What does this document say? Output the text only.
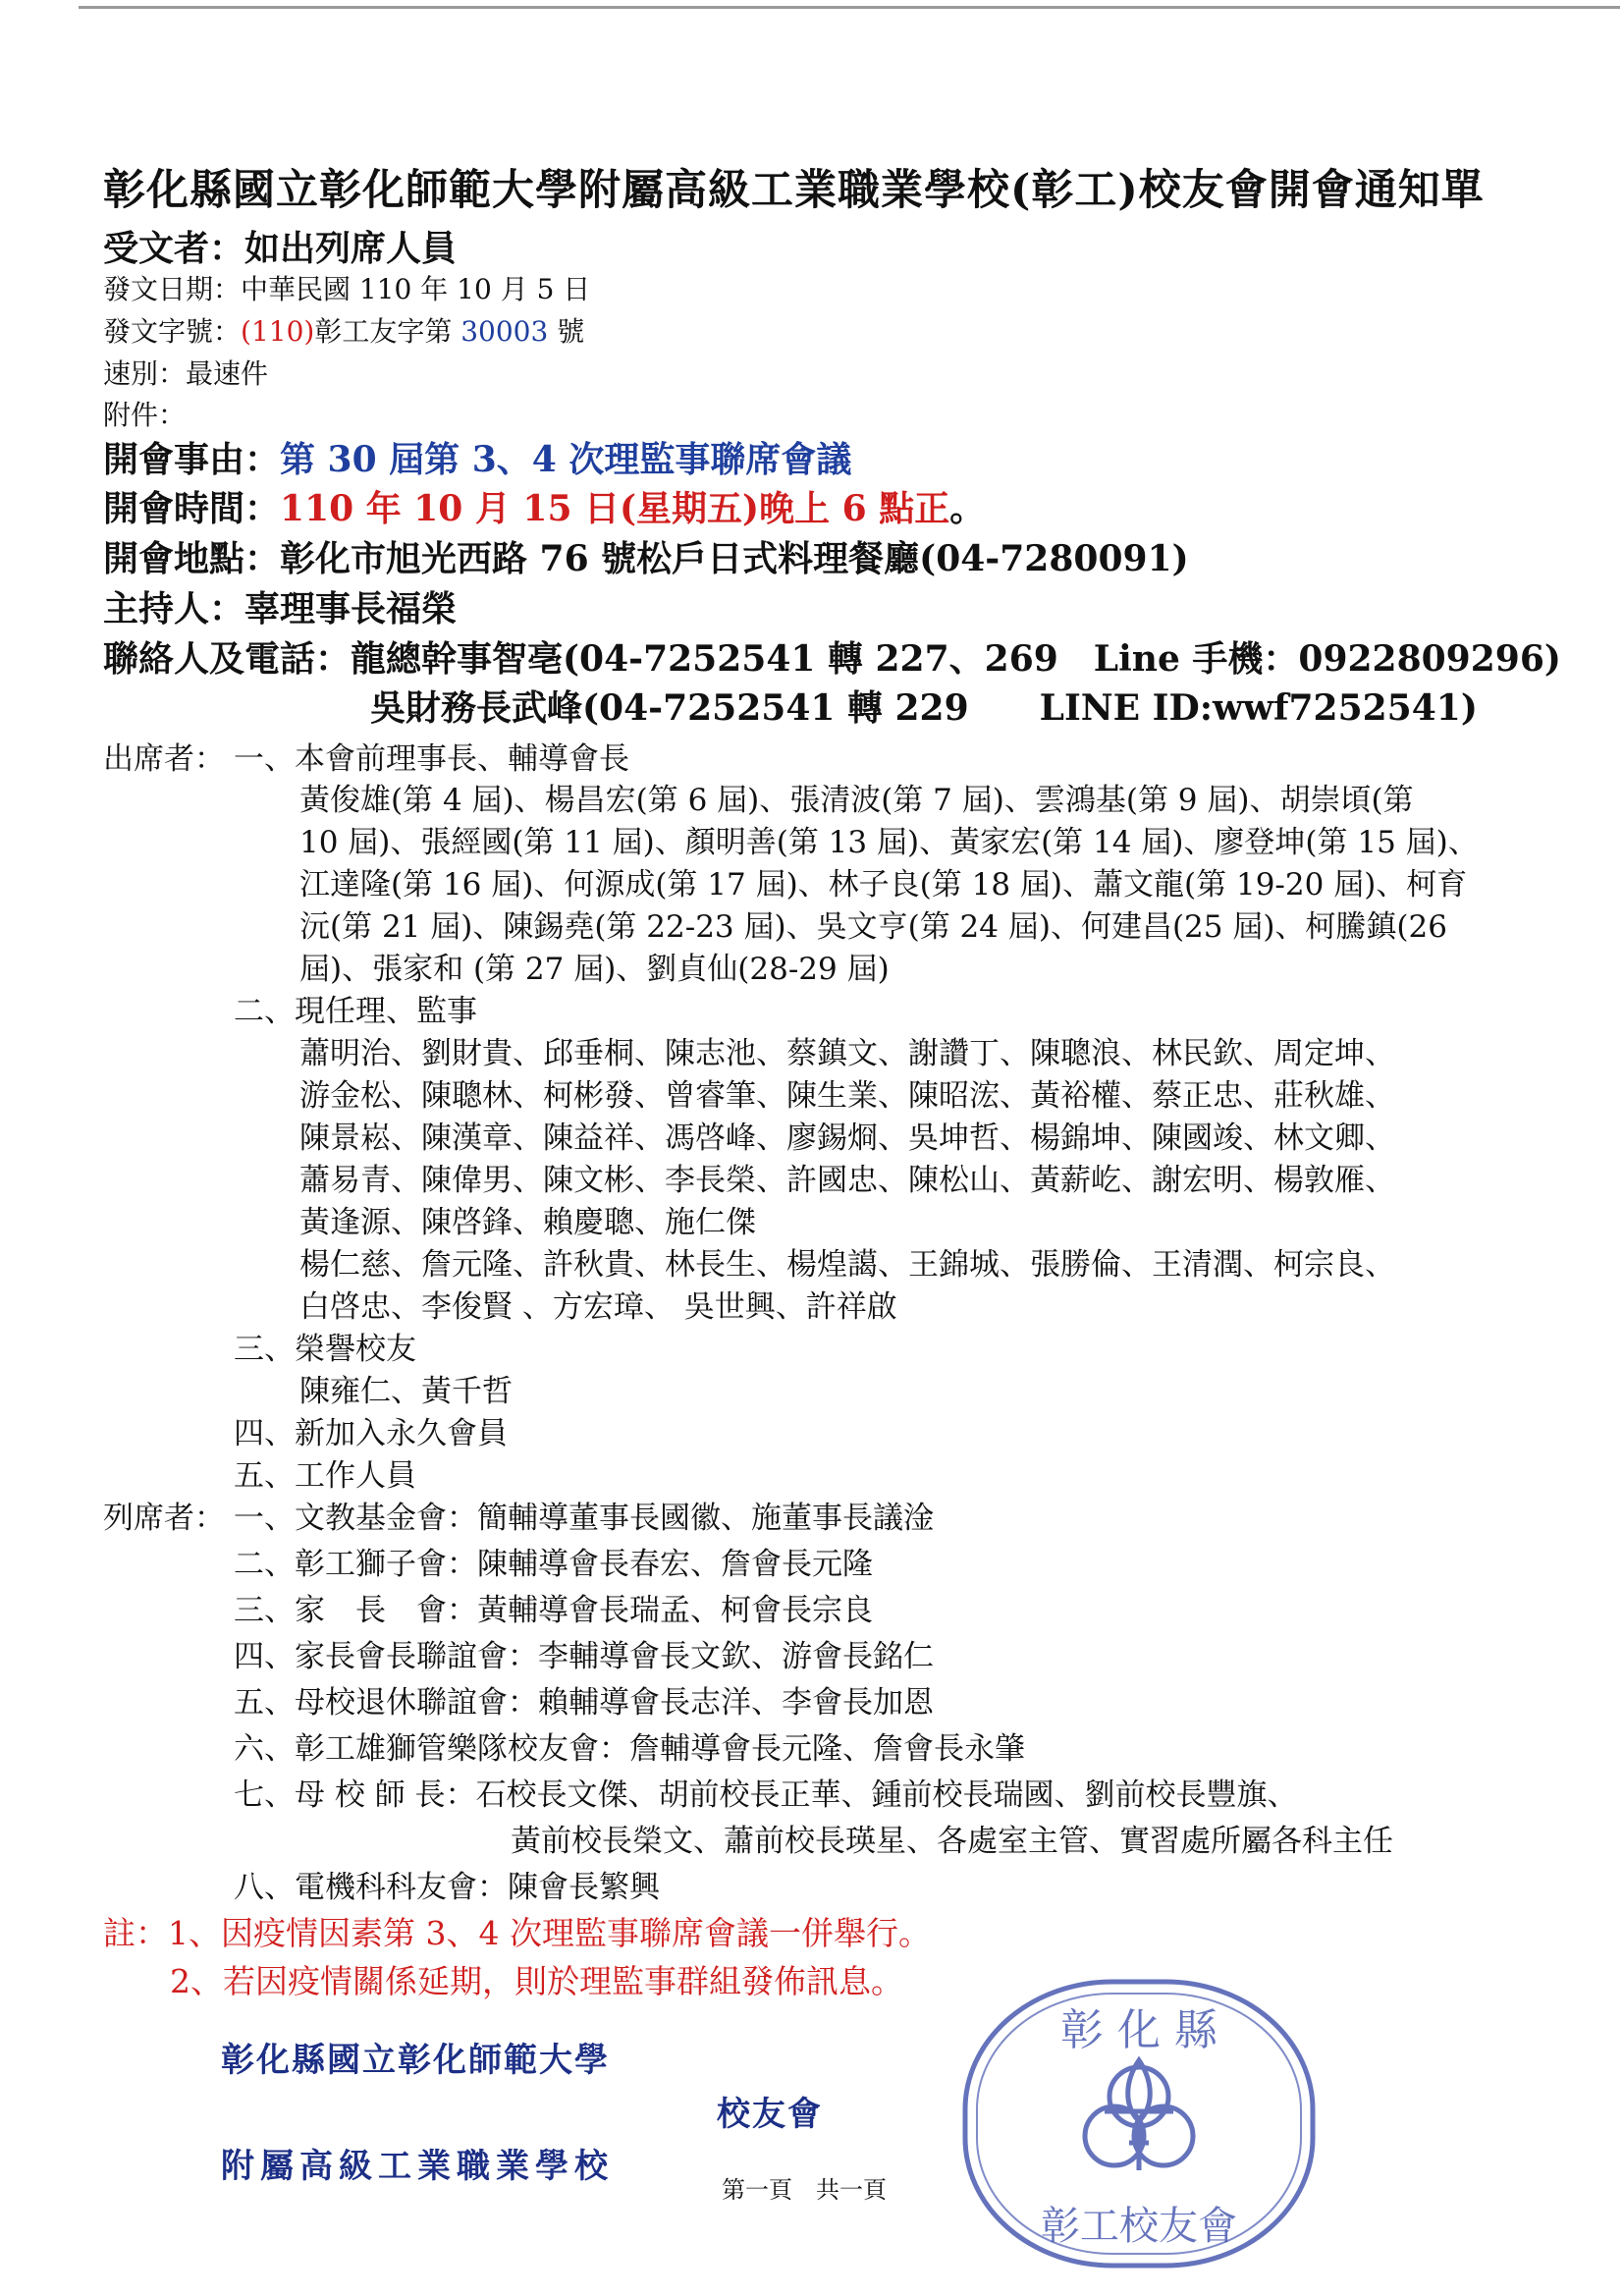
彰化縣國立彰化師範大學附屬高級工業職業學校(彰工)校友會開會通知單
受文者：如出列席人員
發文日期：中華民國 110 年 10 月 5 日
發文字號：(110)彰工友字第 30003 號
速別：最速件
附件：
開會事由：第 30 屆第 3、4 次理監事聯席會議
開會時間：110 年 10 月 15 日(星期五)晚上 6 點正。
開會地點：彰化市旭光西路 76 號松戶日式料理餐廳(04-7280091)
主持人：辜理事長福榮
聯絡人及電話：龍總幹事智亳(04-7252541 轉 227、269　Line 手機：0922809296)
吳財務長武峰(04-7252541 轉 229　　LINE ID:wwf7252541)
出席者： 一、本會前理事長、輔導會長
黃俊雄(第 4 屆)、楊昌宏(第 6 屆)、張清波(第 7 屆)、雲鴻基(第 9 屆)、胡崇頃(第
10 屆)、張經國(第 11 屆)、顏明善(第 13 屆)、黃家宏(第 14 屆)、廖登坤(第 15 屆)、
江達隆(第 16 屆)、何源成(第 17 屆)、林子良(第 18 屆)、蕭文龍(第 19-20 屆)、柯育
沅(第 21 屆)、陳錫堯(第 22-23 屆)、吳文亨(第 24 屆)、何建昌(25 屆)、柯騰鎮(26
屆)、張家和 (第 27 屆)、劉貞仙(28-29 屆)
二、現任理、監事
蕭明治、劉財貴、邱垂桐、陳志池、蔡鎮文、謝讚丁、陳聰浪、林民欽、周定坤、
游金松、陳聰林、柯彬發、曾睿筆、陳生業、陳昭浤、黃裕權、蔡正忠、莊秋雄、
陳景崧、陳漢章、陳益祥、馮啓峰、廖錫烱、吳坤哲、楊錦坤、陳國竣、林文卿、
蕭易青、陳偉男、陳文彬、李長榮、許國忠、陳松山、黃薪屹、謝宏明、楊敦雁、
黃逢源、陳啓鋒、賴慶聰、施仁傑
楊仁慈、詹元隆、許秋貴、林長生、楊煌譪、王錦城、張勝倫、王清潤、柯宗良、
白啓忠、李俊賢 、方宏璋、 吳世興、許祥啟
三、榮譽校友
陳雍仁、黃千哲
四、新加入永久會員
五、工作人員
列席者： 一、文教基金會：簡輔導董事長國徽、施董事長議淦
二、彰工獅子會：陳輔導會長春宏、詹會長元隆
三、家　長　會：黃輔導會長瑞孟、柯會長宗良
四、家長會長聯誼會：李輔導會長文欽、游會長銘仁
五、母校退休聯誼會：賴輔導會長志洋、李會長加恩
六、彰工雄獅管樂隊校友會：詹輔導會長元隆、詹會長永肇
七、母 校 師 長：石校長文傑、胡前校長正華、鍾前校長瑞國、劉前校長豐旗、
黃前校長榮文、蕭前校長瑛星、各處室主管、實習處所屬各科主任
八、電機科科友會：陳會長繁興
註：1、因疫情因素第 3、4 次理監事聯席會議一併舉行。
2、若因疫情關係延期，則於理監事群組發佈訊息。
彰化縣國立彰化師範大學
校友會
附屬高級工業職業學校
第一頁　共一頁
彰 化 縣
彰工校友會
